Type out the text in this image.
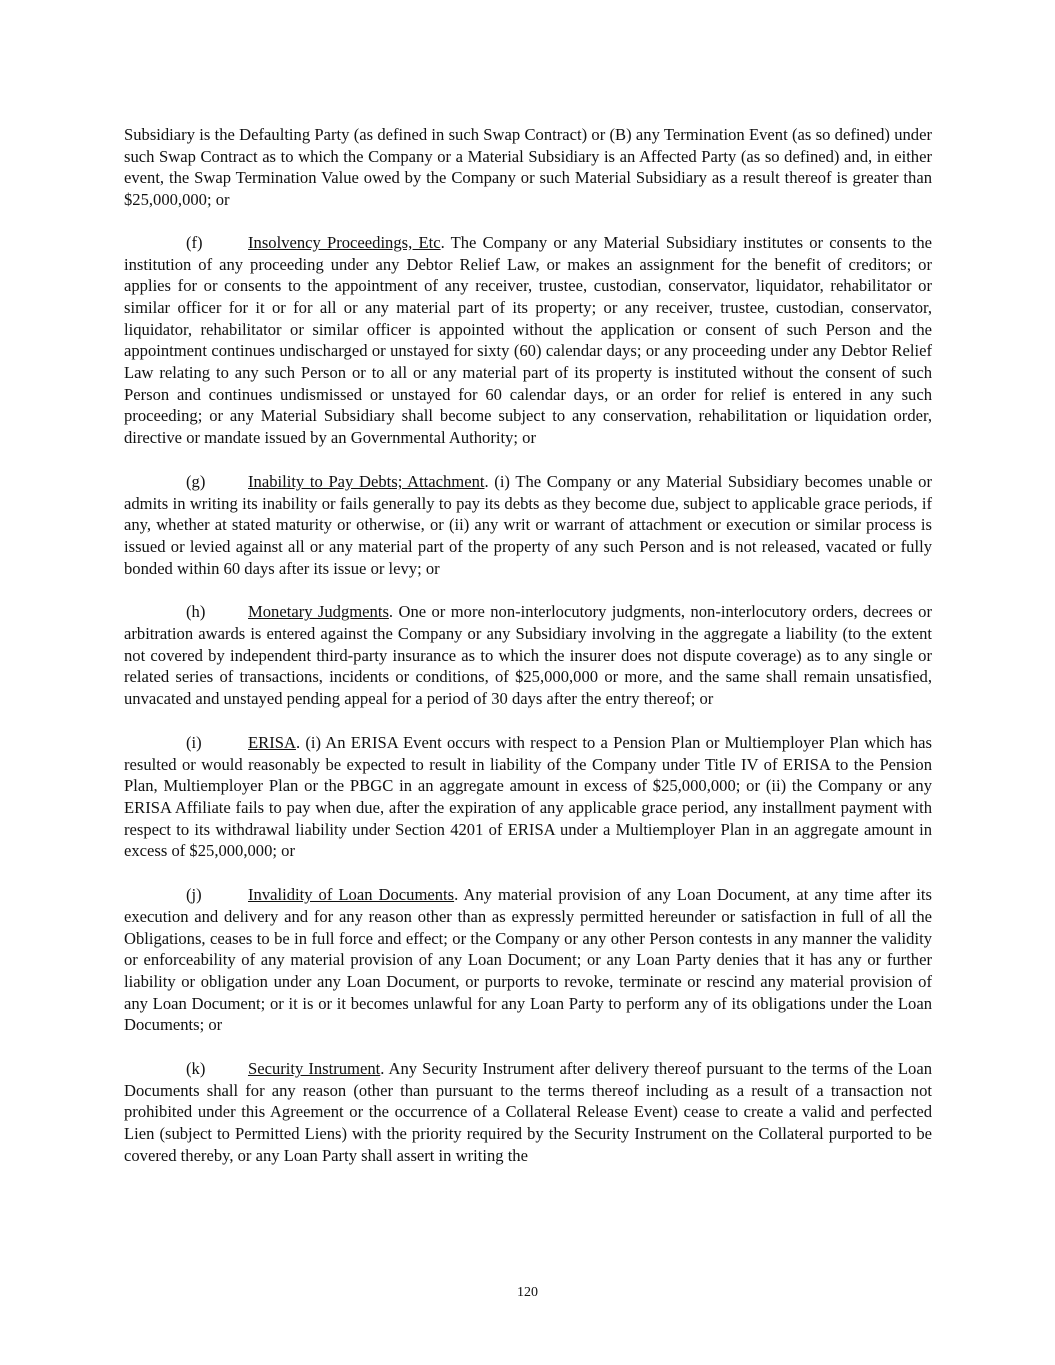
Subsidiary is the Defaulting Party (as defined in such Swap Contract) or (B) any Termination Event (as so defined) under such Swap Contract as to which the Company or a Material Subsidiary is an Affected Party (as so defined) and, in either event, the Swap Termination Value owed by the Company or such Material Subsidiary as a result thereof is greater than $25,000,000; or

(f)	Insolvency Proceedings, Etc. The Company or any Material Subsidiary institutes or consents to the institution of any proceeding under any Debtor Relief Law, or makes an assignment for the benefit of creditors; or applies for or consents to the appointment of any receiver, trustee, custodian, conservator, liquidator, rehabilitator or similar officer for it or for all or any material part of its property; or any receiver, trustee, custodian, conservator, liquidator, rehabilitator or similar officer is appointed without the application or consent of such Person and the appointment continues undischarged or unstayed for sixty (60) calendar days; or any proceeding under any Debtor Relief Law relating to any such Person or to all or any material part of its property is instituted without the consent of such Person and continues undismissed or unstayed for 60 calendar days, or an order for relief is entered in any such proceeding; or any Material Subsidiary shall become subject to any conservation, rehabilitation or liquidation order, directive or mandate issued by an Governmental Authority; or

(g)	Inability to Pay Debts; Attachment. (i) The Company or any Material Subsidiary becomes unable or admits in writing its inability or fails generally to pay its debts as they become due, subject to applicable grace periods, if any, whether at stated maturity or otherwise, or (ii) any writ or warrant of attachment or execution or similar process is issued or levied against all or any material part of the property of any such Person and is not released, vacated or fully bonded within 60 days after its issue or levy; or

(h)	Monetary Judgments. One or more non-interlocutory judgments, non-interlocutory orders, decrees or arbitration awards is entered against the Company or any Subsidiary involving in the aggregate a liability (to the extent not covered by independent third-party insurance as to which the insurer does not dispute coverage) as to any single or related series of transactions, incidents or conditions, of $25,000,000 or more, and the same shall remain unsatisfied, unvacated and unstayed pending appeal for a period of 30 days after the entry thereof; or

(i)	ERISA. (i) An ERISA Event occurs with respect to a Pension Plan or Multiemployer Plan which has resulted or would reasonably be expected to result in liability of the Company under Title IV of ERISA to the Pension Plan, Multiemployer Plan or the PBGC in an aggregate amount in excess of $25,000,000; or (ii) the Company or any ERISA Affiliate fails to pay when due, after the expiration of any applicable grace period, any installment payment with respect to its withdrawal liability under Section 4201 of ERISA under a Multiemployer Plan in an aggregate amount in excess of $25,000,000; or

(j)	Invalidity of Loan Documents. Any material provision of any Loan Document, at any time after its execution and delivery and for any reason other than as expressly permitted hereunder or satisfaction in full of all the Obligations, ceases to be in full force and effect; or the Company or any other Person contests in any manner the validity or enforceability of any material provision of any Loan Document; or any Loan Party denies that it has any or further liability or obligation under any Loan Document, or purports to revoke, terminate or rescind any material provision of any Loan Document; or it is or it becomes unlawful for any Loan Party to perform any of its obligations under the Loan Documents; or

(k)	Security Instrument. Any Security Instrument after delivery thereof pursuant to the terms of the Loan Documents shall for any reason (other than pursuant to the terms thereof including as a result of a transaction not prohibited under this Agreement or the occurrence of a Collateral Release Event) cease to create a valid and perfected Lien (subject to Permitted Liens) with the priority required by the Security Instrument on the Collateral purported to be covered thereby, or any Loan Party shall assert in writing the

120
